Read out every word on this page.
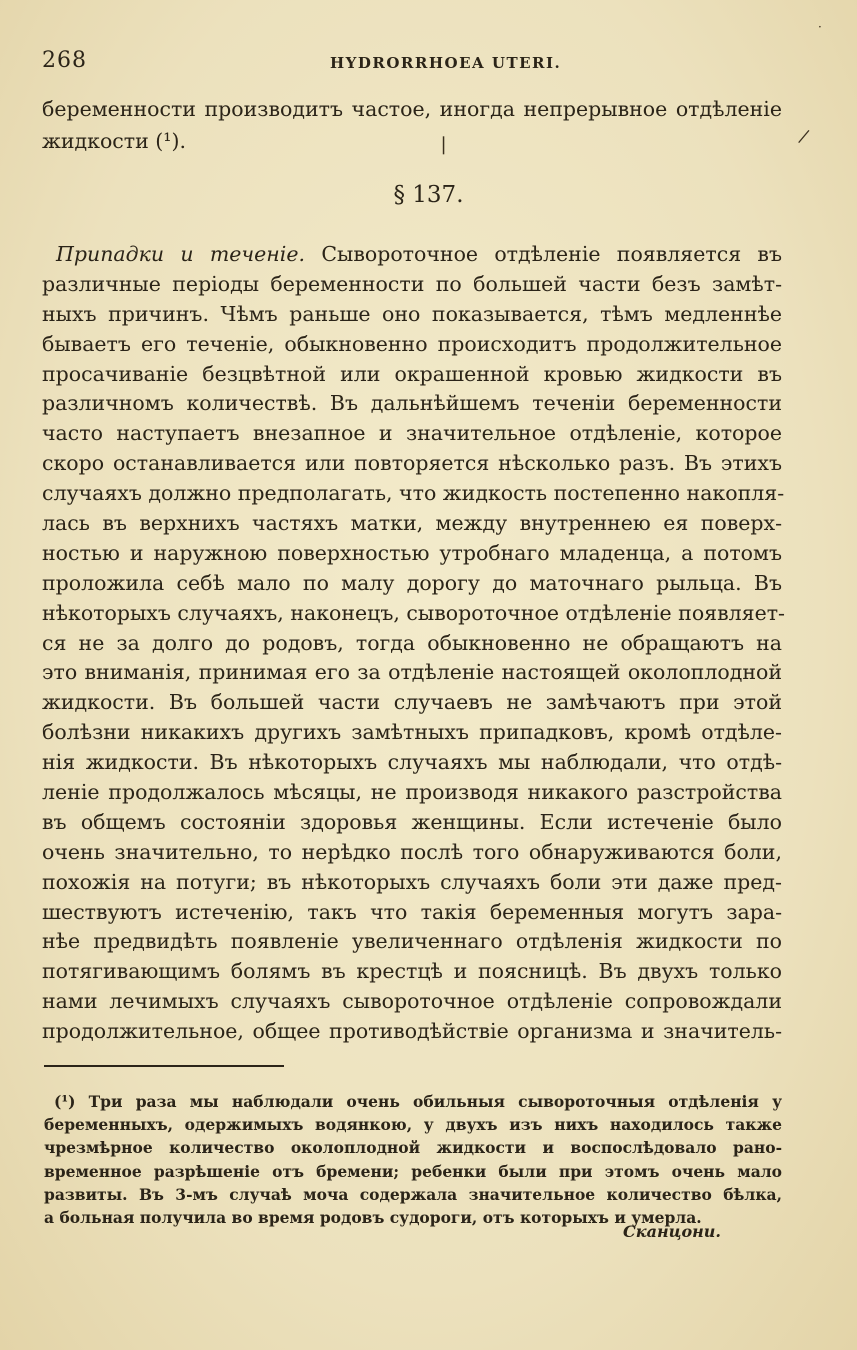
268	HYDRORRHOEA UTERI.
беременности производитъ частое, иногда непрерывное отдѣленiе
жидкости (¹).
§ 137.
Припадки и теченiе. Сывороточное отдѣленiе появляется въ
различные перiоды беременности по большей части безъ замѣт-
ныхъ причинъ. Чѣмъ раньше оно показывается, тѣмъ медленнѣе
бываетъ его теченiе, обыкновенно происходитъ продолжительное
просачиванiе безцвѣтной или окрашенной кровью жидкости въ
различномъ количествѣ. Въ дальнѣйшемъ теченiи беременности
часто наступаетъ внезапное и значительное отдѣленiе, которое
скоро останавливается или повторяется нѣсколько разъ. Въ этихъ
случаяхъ должно предполагать, что жидкость постепенно накопля-
лась въ верхнихъ частяхъ матки, между внутреннею ея поверх-
ностью и наружною поверхностью утробнаго младенца, а потомъ
проложила себѣ мало по малу дорогу до маточнаго рыльца. Въ
нѣкоторыхъ случаяхъ, наконецъ, сывороточное отдѣленiе появляет-
ся не за долго до родовъ, тогда обыкновенно не обращаютъ на
это вниманiя, принимая его за отдѣленiе настоящей околоплодной
жидкости. Въ большей части случаевъ не замѣчаютъ при этой
болѣзни никакихъ другихъ замѣтныхъ припадковъ, кромѣ отдѣле-
нiя жидкости. Въ нѣкоторыхъ случаяхъ мы наблюдали, что отдѣ-
ленiе продолжалось мѣсяцы, не производя никакого разстройства
въ общемъ состоянiи здоровья женщины. Если истеченiе было
очень значительно, то нерѣдко послѣ того обнаруживаются боли,
похожiя на потуги; въ нѣкоторыхъ случаяхъ боли эти даже пред-
шествуютъ истеченiю, такъ что такiя беременныя могутъ зара-
нѣе предвидѣть появленiе увеличеннаго отдѣленiя жидкости по
потягивающимъ болямъ въ крестцѣ и поясницѣ. Въ двухъ только
нами лечимыхъ случаяхъ сывороточное отдѣленiе сопровождали
продолжительное, общее противодѣйствiе организма и значитель-
(¹) Три раза мы наблюдали очень обильныя сывороточныя отдѣленiя у
беременныхъ, одержимыхъ водянкою, у двухъ изъ нихъ находилось также
чрезмѣрное количество околоплодной жидкости и воспослѣдовало рано-
временное разрѣшенiе отъ бремени; ребенки были при этомъ очень мало
развиты. Въ 3-мъ случаѣ моча содержала значительное количество бѣлка,
а больная получила во время родовъ судороги, отъ которыхъ и умерла.
Сканцони.
❘	❘
·
